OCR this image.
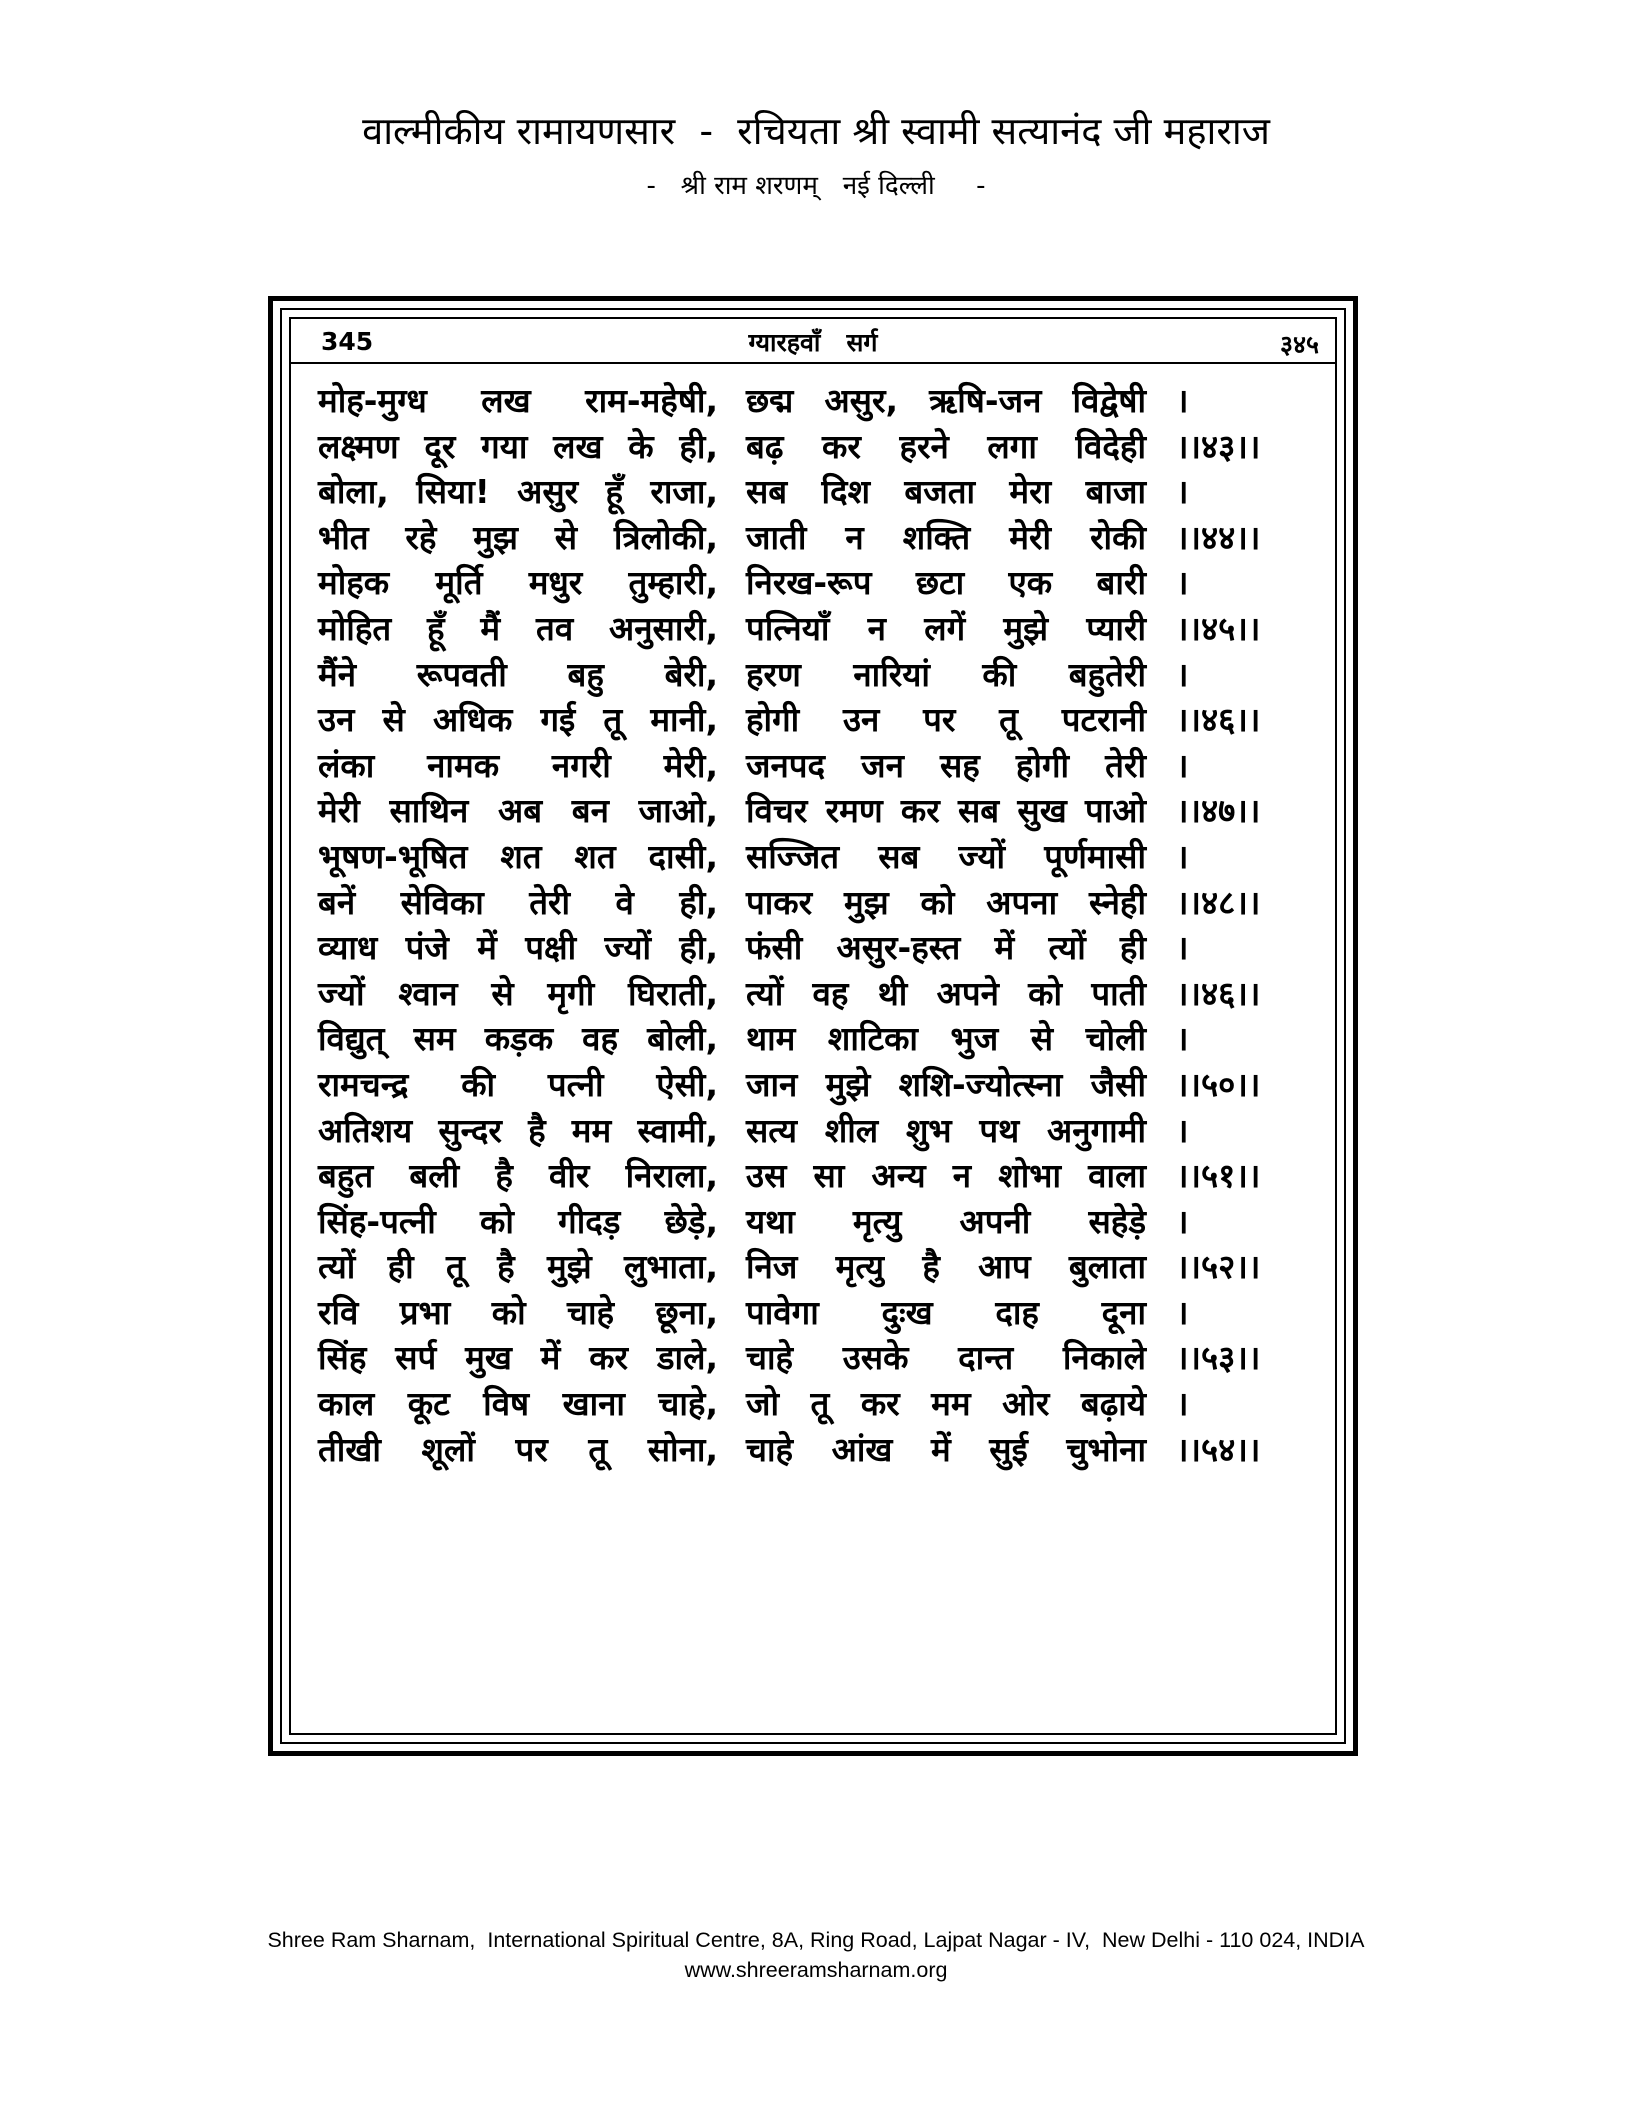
वाल्मीकीय रामायणसार  -  रचियता श्री स्वामी सत्यानंद जी महाराज
-   श्री राम शरणम्   नई दिल्ली     -
345	ग्यारहवाँ   सर्ग	३४५
मोह-मुग्ध लख राम-महेषी, छद्म असुर, ऋषि-जन विद्वेषी ।
लक्ष्मण दूर गया लख के ही, बढ़ कर हरने लगा विदेही ।।४३।।
बोला, सिया! असुर हूँ राजा, सब दिश बजता मेरा बाजा ।
भीत रहे मुझ से त्रिलोकी, जाती न शक्ति मेरी रोकी ।।४४।।
मोहक मूर्ति मधुर तुम्हारी, निरख-रूप छटा एक बारी ।
मोहित हूँ मैं तव अनुसारी, पत्नियाँ न लगें मुझे प्यारी ।।४५।।
मैंने रूपवती बहु बेरी, हरण नारियां की बहुतेरी ।
उन से अधिक गई तू मानी, होगी उन पर तू पटरानी ।।४६।।
लंका नामक नगरी मेरी, जनपद जन सह होगी तेरी ।
मेरी साथिन अब बन जाओ, विचर रमण कर सब सुख पाओ ।।४७।।
भूषण-भूषित शत शत दासी, सज्जित सब ज्यों पूर्णमासी ।
बनें सेविका तेरी वे ही, पाकर मुझ को अपना स्नेही ।।४८।।
व्याध पंजे में पक्षी ज्यों ही, फंसी असुर-हस्त में त्यों ही ।
ज्यों श्वान से मृगी घिराती, त्यों वह थी अपने को पाती ।।४६।।
विद्युत् सम कड़क वह बोली, थाम शाटिका भुज से चोली ।
रामचन्द्र की पत्नी ऐसी, जान मुझे शशि-ज्योत्स्ना जैसी ।।५०।।
अतिशय सुन्दर है मम स्वामी, सत्य शील शुभ पथ अनुगामी ।
बहुत बली है वीर निराला, उस सा अन्य न शोभा वाला ।।५१।।
सिंह-पत्नी को गीदड़ छेड़े, यथा मृत्यु अपनी सहेड़े ।
त्यों ही तू है मुझे लुभाता, निज मृत्यु है आप बुलाता ।।५२।।
रवि प्रभा को चाहे छूना, पावेगा दुःख दाह दूना ।
सिंह सर्प मुख में कर डाले, चाहे उसके दान्त निकाले ।।५३।।
काल कूट विष खाना चाहे, जो तू कर मम ओर बढ़ाये ।
तीखी शूलों पर तू सोना, चाहे आंख में सुई चुभोना ।।५४।।
Shree Ram Sharnam,  International Spiritual Centre, 8A, Ring Road, Lajpat Nagar - IV,  New Delhi - 110 024, INDIA
www.shreeramsharnam.org
